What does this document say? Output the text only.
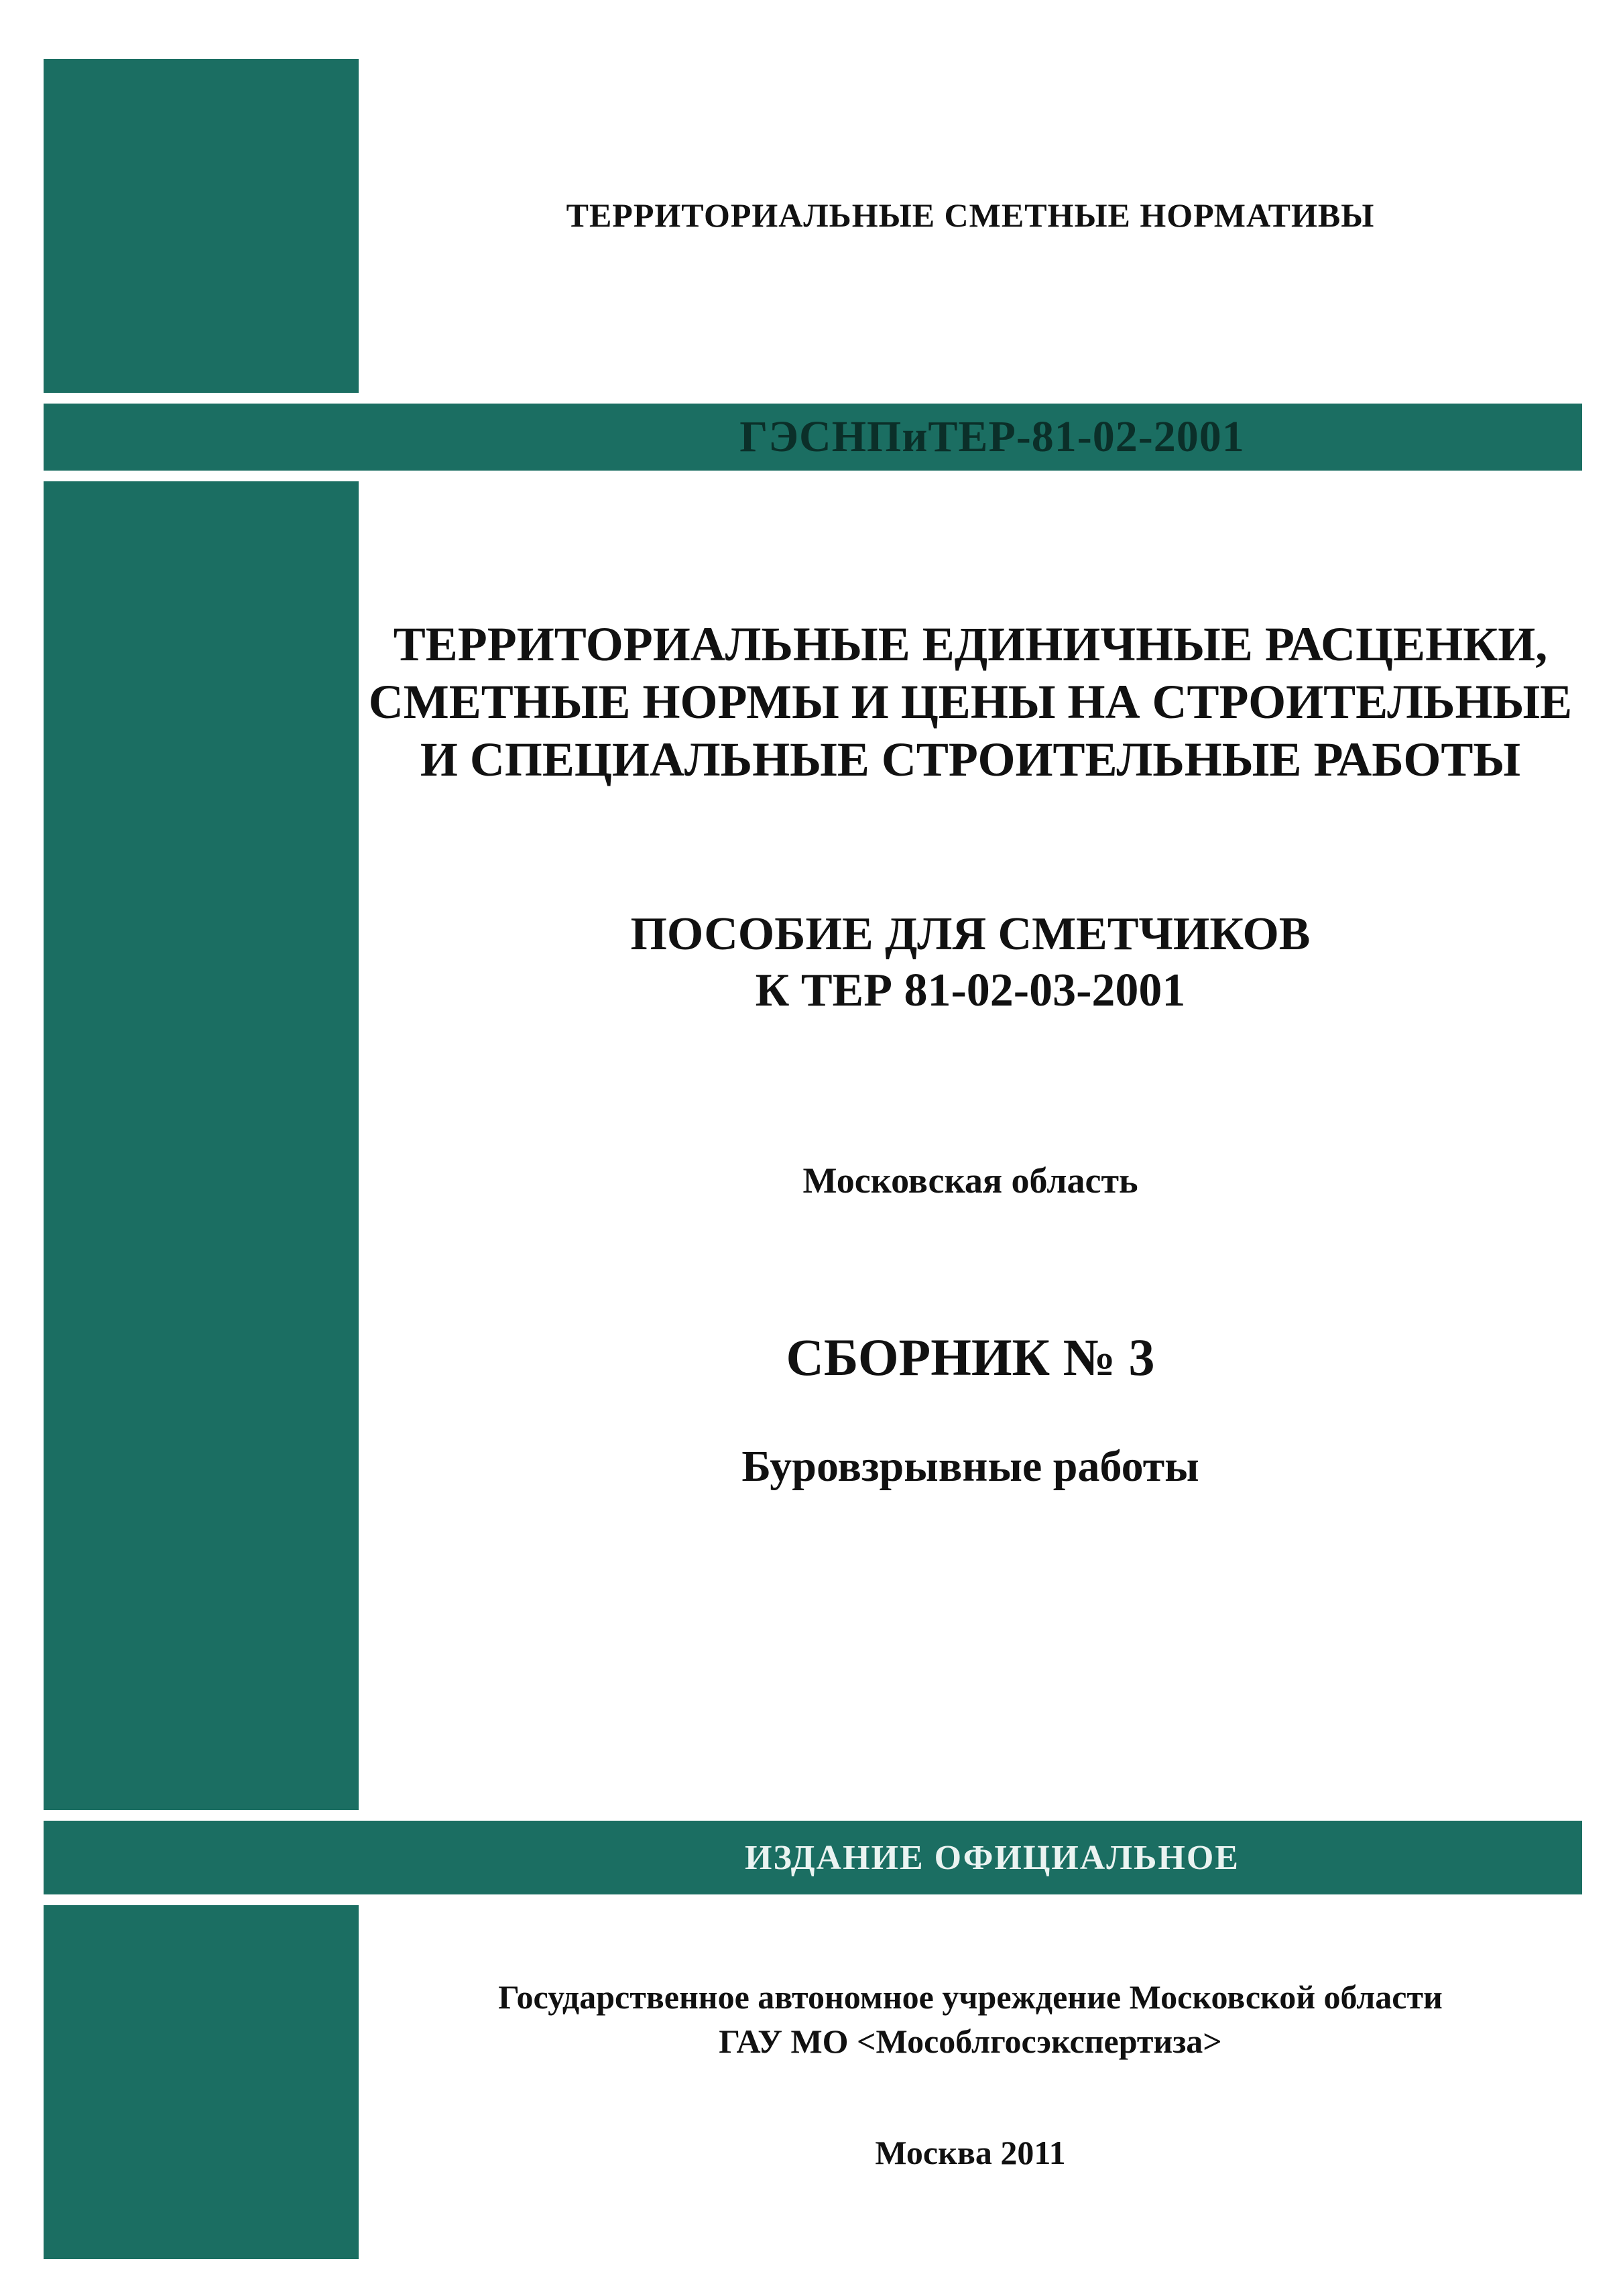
ГЭСНПиТЕР-81-02-2001
ИЗДАНИЕ ОФИЦИАЛЬНОЕ
ТЕРРИТОРИАЛЬНЫЕ СМЕТНЫЕ НОРМАТИВЫ
ТЕРРИТОРИАЛЬНЫЕ ЕДИНИЧНЫЕ РАСЦЕНКИ,
СМЕТНЫЕ НОРМЫ И ЦЕНЫ НА СТРОИТЕЛЬНЫЕ
И СПЕЦИАЛЬНЫЕ СТРОИТЕЛЬНЫЕ РАБОТЫ
ПОСОБИЕ ДЛЯ СМЕТЧИКОВ
К ТЕР 81-02-03-2001
Московская область
СБОРНИК № 3
Буровзрывные работы
Государственное автономное учреждение Московской области
ГАУ МО <Мособлгосэкспертиза>
Москва 2011
